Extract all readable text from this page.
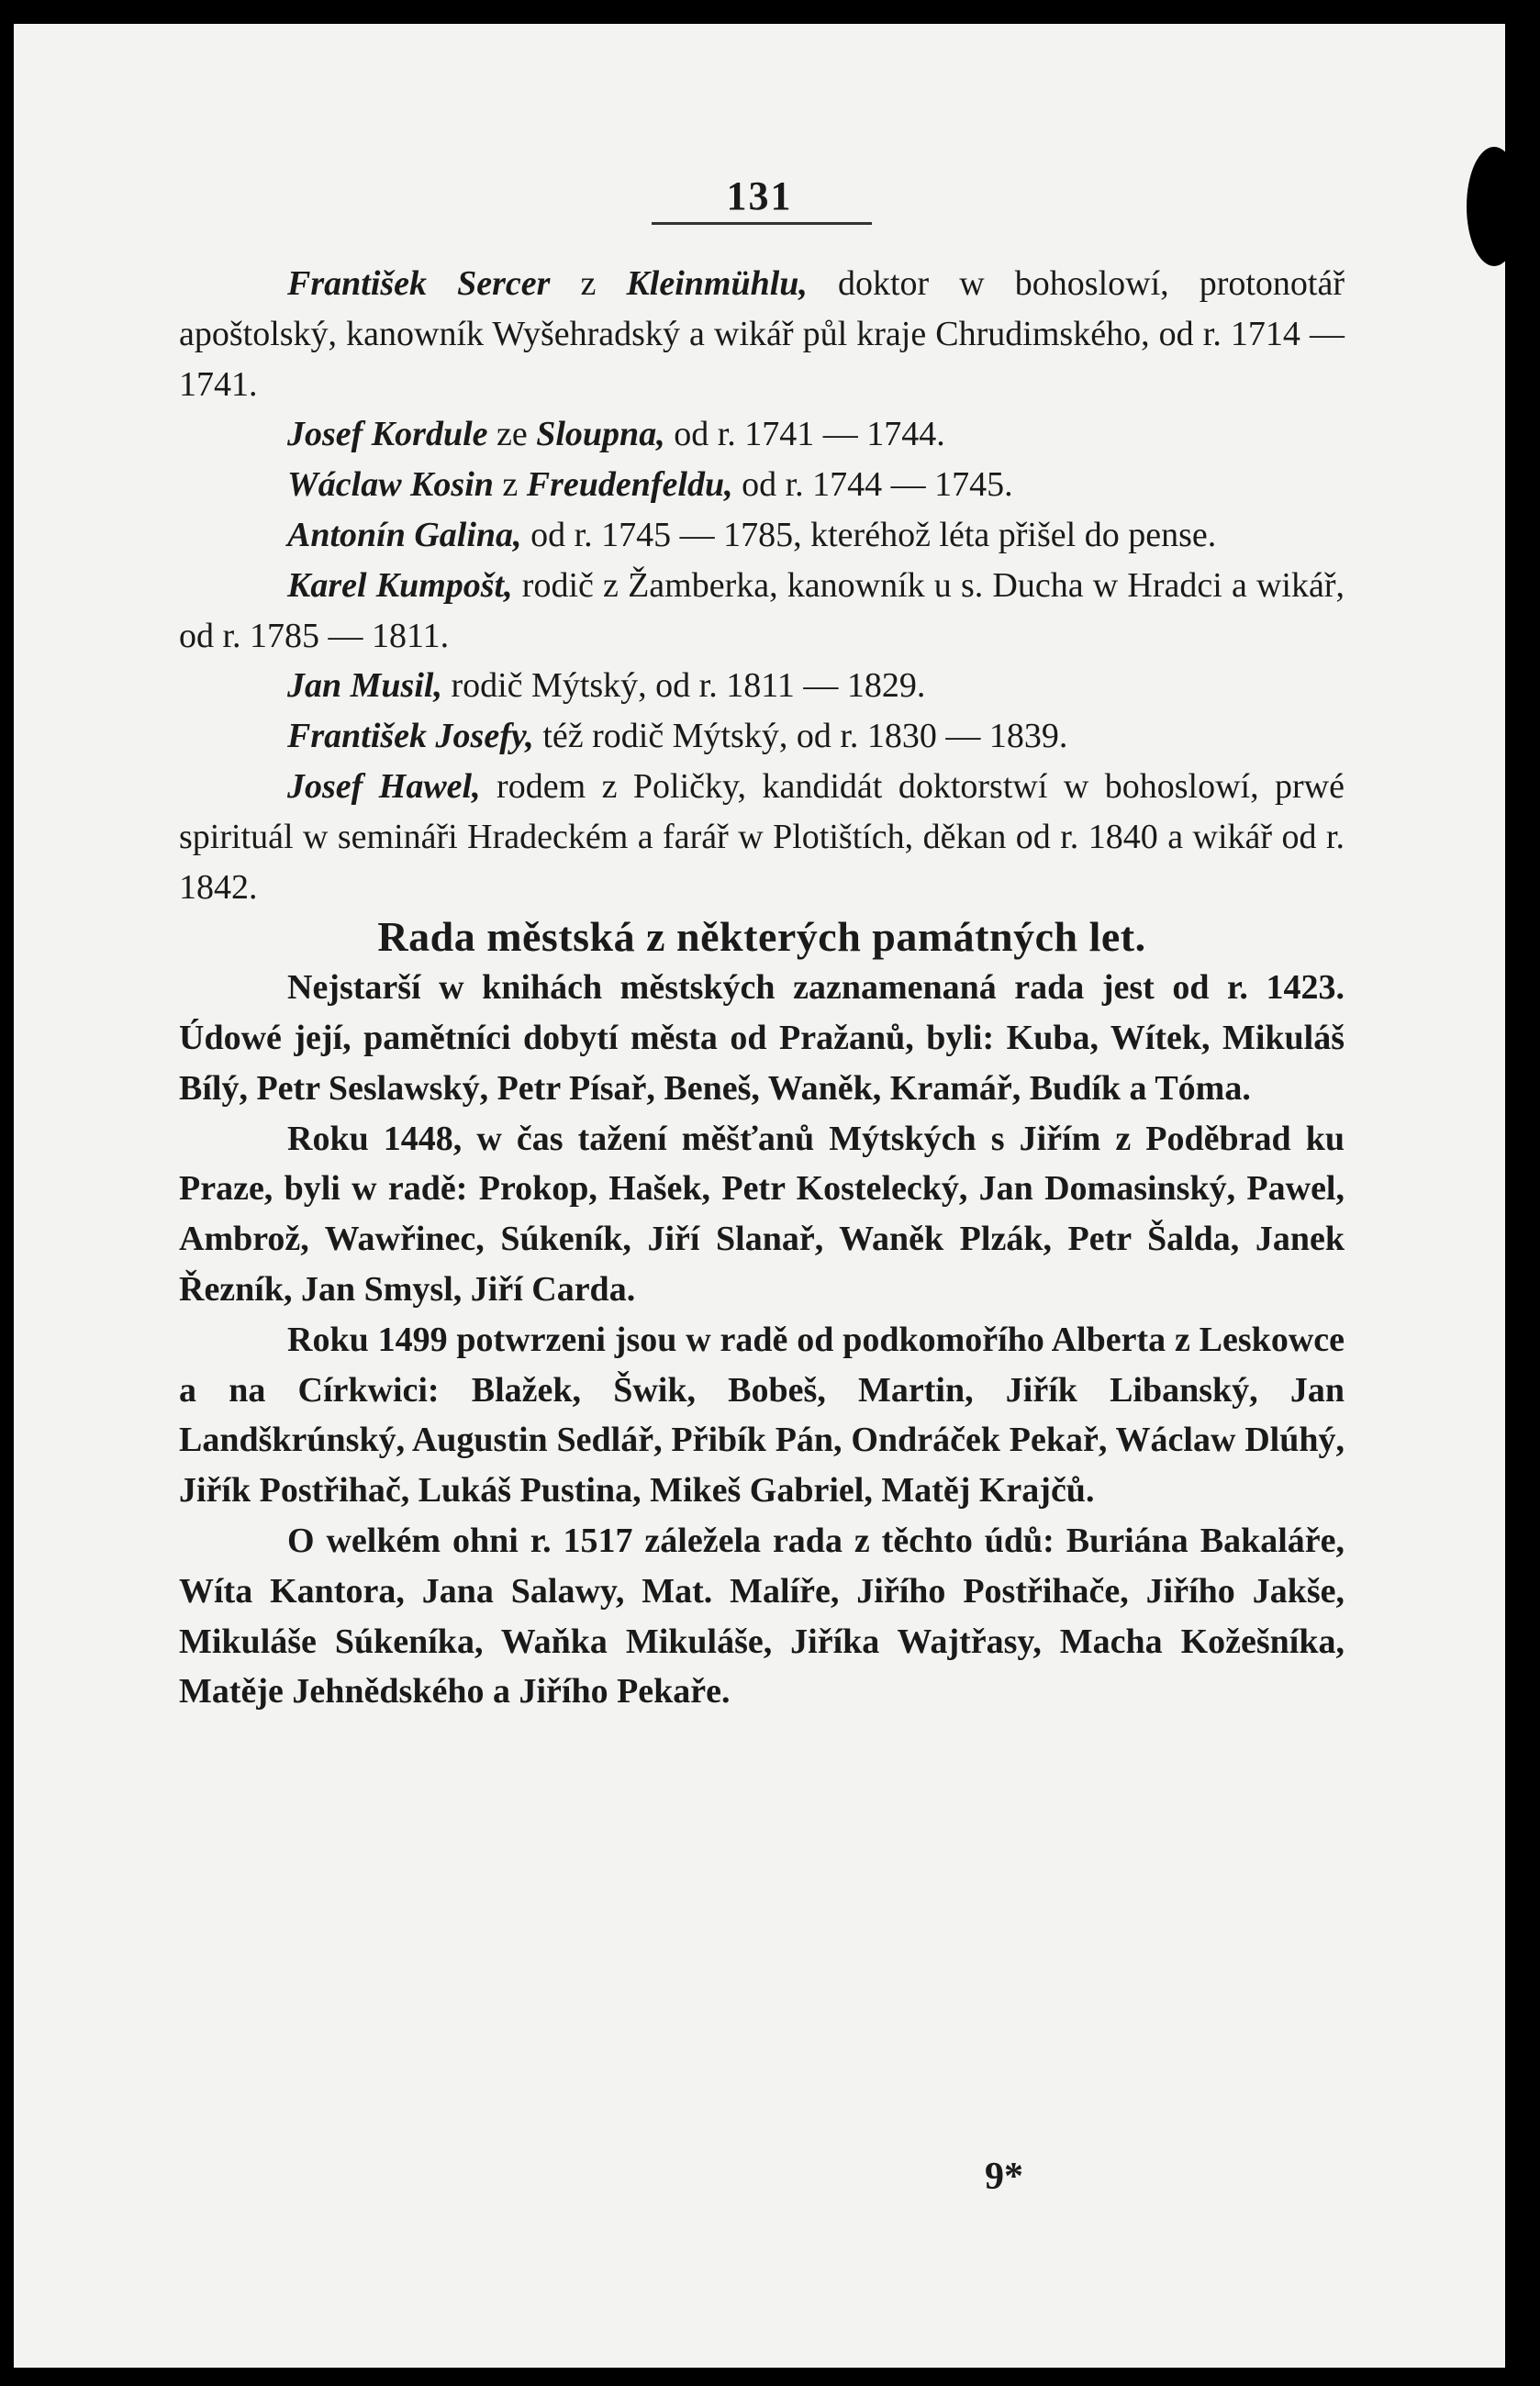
131

František Sercer z Kleinmühlu, doktor w bohoslowí, protonotář apoštolský, kanowník Wyšehradský a wikář půl kraje Chrudimského, od r. 1714 — 1741.

Josef Kordule ze Sloupna, od r. 1741 — 1744.

Wáclaw Kosin z Freudenfeldu, od r. 1744 — 1745.

Antonín Galina, od r. 1745 — 1785, kteréhož léta přišel do pense.

Karel Kumpošt, rodič z Žamberka, kanowník u s. Ducha w Hradci a wikář, od r. 1785 — 1811.

Jan Musil, rodič Mýtský, od r. 1811 — 1829.

František Josefy, též rodič Mýtský, od r. 1830 — 1839.

Josef Hawel, rodem z Poličky, kandidát doktorstwí w bohoslowí, prwé spirituál w semináři Hradeckém a farář w Plotištích, děkan od r. 1840 a wikář od r. 1842.

Rada městská z některých památných let.

Nejstarší w knihách městských zaznamenaná rada jest od r. 1423. Údowé její, pamětníci dobytí města od Pražanů, byli: Kuba, Wítek, Mikuláš Bílý, Petr Seslawský, Petr Písař, Beneš, Waněk, Kramář, Budík a Tóma.

Roku 1448, w čas tažení měšťanů Mýtských s Jiřím z Poděbrad ku Praze, byli w radě: Prokop, Hašek, Petr Kostelecký, Jan Domasinský, Pawel, Ambrož, Wawřinec, Súkeník, Jiří Slanař, Waněk Plzák, Petr Šalda, Janek Řezník, Jan Smysl, Jiří Carda.

Roku 1499 potwrzeni jsou w radě od podkomořího Alberta z Leskowce a na Církwici: Blažek, Šwik, Bobeš, Martin, Jiřík Libanský, Jan Landškrúnský, Augustin Sedlář, Přibík Pán, Ondráček Pekař, Wáclaw Dlúhý, Jiřík Postřihač, Lukáš Pustina, Mikeš Gabriel, Matěj Krajčů.

O welkém ohni r. 1517 záležela rada z těchto údů: Buriána Bakaláře, Wíta Kantora, Jana Salawy, Mat. Malíře, Jiřího Postřihače, Jiřího Jakše, Mikuláše Súkeníka, Waňka Mikuláše, Jiříka Wajtřasy, Macha Kožešníka, Matěje Jehnědského a Jiřího Pekaře.

9*
